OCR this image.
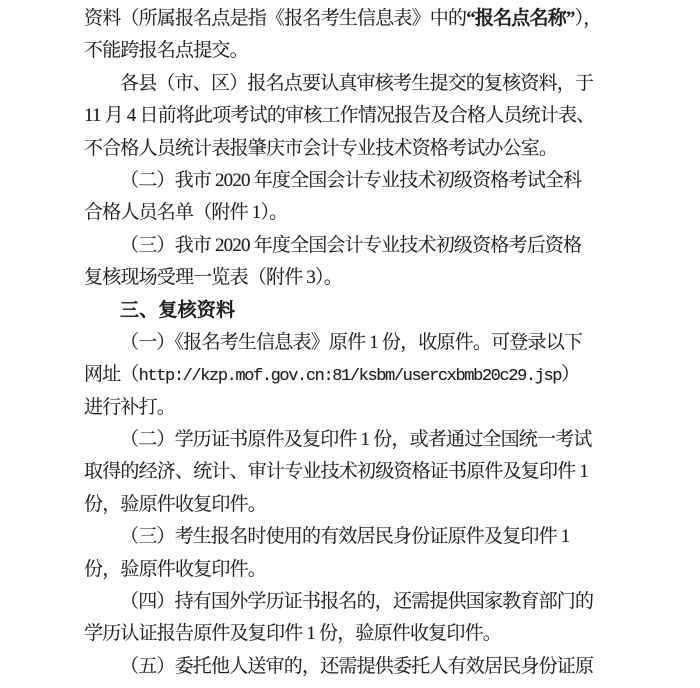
资料（所属报名点是指《报名考生信息表》中的“报名点名称”），
不能跨报名点提交。
各县（市、区）报名点要认真审核考生提交的复核资料，于
11 月 4 日前将此项考试的审核工作情况报告及合格人员统计表、
不合格人员统计表报肇庆市会计专业技术资格考试办公室。
（二）我市 2020 年度全国会计专业技术初级资格考试全科
合格人员名单（附件 1）。
（三）我市 2020 年度全国会计专业技术初级资格考后资格
复核现场受理一览表（附件 3）。
三、复核资料
（一）《报名考生信息表》原件 1 份，收原件。可登录以下
网址（http://kzp.mof.gov.cn:81/ksbm/usercxbmb20c29.jsp）
进行补打。
（二）学历证书原件及复印件 1 份，或者通过全国统一考试
取得的经济、统计、审计专业技术初级资格证书原件及复印件 1
份，验原件收复印件。
（三）考生报名时使用的有效居民身份证原件及复印件 1
份，验原件收复印件。
（四）持有国外学历证书报名的，还需提供国家教育部门的
学历认证报告原件及复印件 1 份，验原件收复印件。
（五）委托他人送审的，还需提供委托人有效居民身份证原
